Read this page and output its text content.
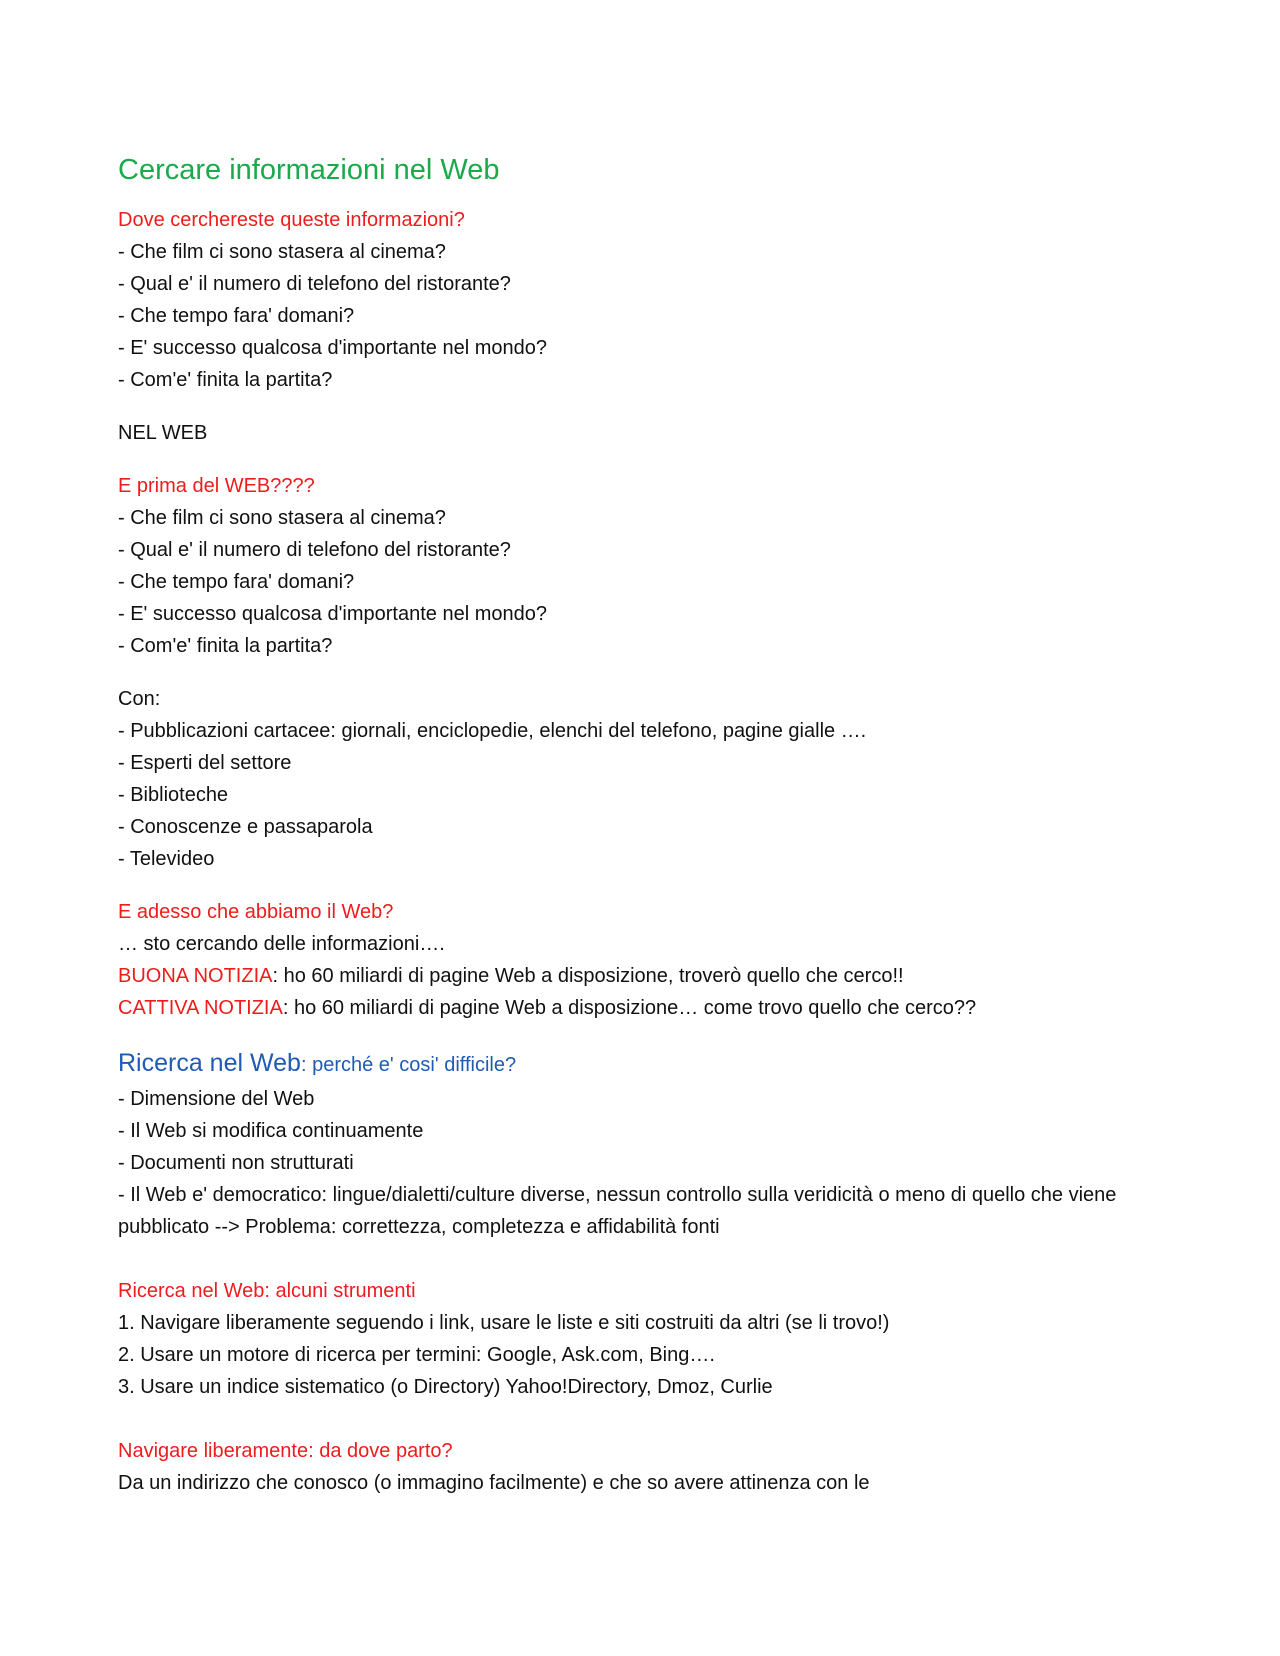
Cercare informazioni nel Web
Dove cerchereste queste informazioni?
- Che film ci sono stasera al cinema?
- Qual e' il numero di telefono del ristorante?
- Che tempo fara' domani?
- E' successo qualcosa d'importante nel mondo?
- Com'e' finita la partita?
NEL WEB
E prima del WEB????
- Che film ci sono stasera al cinema?
- Qual e' il numero di telefono del ristorante?
- Che tempo fara' domani?
- E' successo qualcosa d'importante nel mondo?
- Com'e' finita la partita?
Con:
- Pubblicazioni cartacee: giornali, enciclopedie, elenchi del telefono, pagine gialle ….
- Esperti del settore
- Biblioteche
- Conoscenze e passaparola
- Televideo
E adesso che abbiamo il Web?
… sto cercando delle informazioni….
BUONA NOTIZIA: ho 60 miliardi di pagine Web a disposizione, troverò quello che cerco!!
CATTIVA NOTIZIA: ho 60 miliardi di pagine Web a disposizione… come trovo quello che cerco??
Ricerca nel Web: perché e' cosi' difficile?
- Dimensione del Web
- Il Web si modifica continuamente
- Documenti non strutturati
- Il Web e' democratico: lingue/dialetti/culture diverse, nessun controllo sulla veridicità o meno di quello che viene pubblicato --> Problema: correttezza, completezza e affidabilità fonti
Ricerca nel Web: alcuni strumenti
1. Navigare liberamente seguendo i link, usare le liste e siti costruiti da altri (se li trovo!)
2. Usare un motore di ricerca per termini: Google, Ask.com, Bing….
3. Usare un indice sistematico (o Directory) Yahoo!Directory, Dmoz, Curlie
Navigare liberamente: da dove parto?
Da un indirizzo che conosco (o immagino facilmente) e che so avere attinenza con le
